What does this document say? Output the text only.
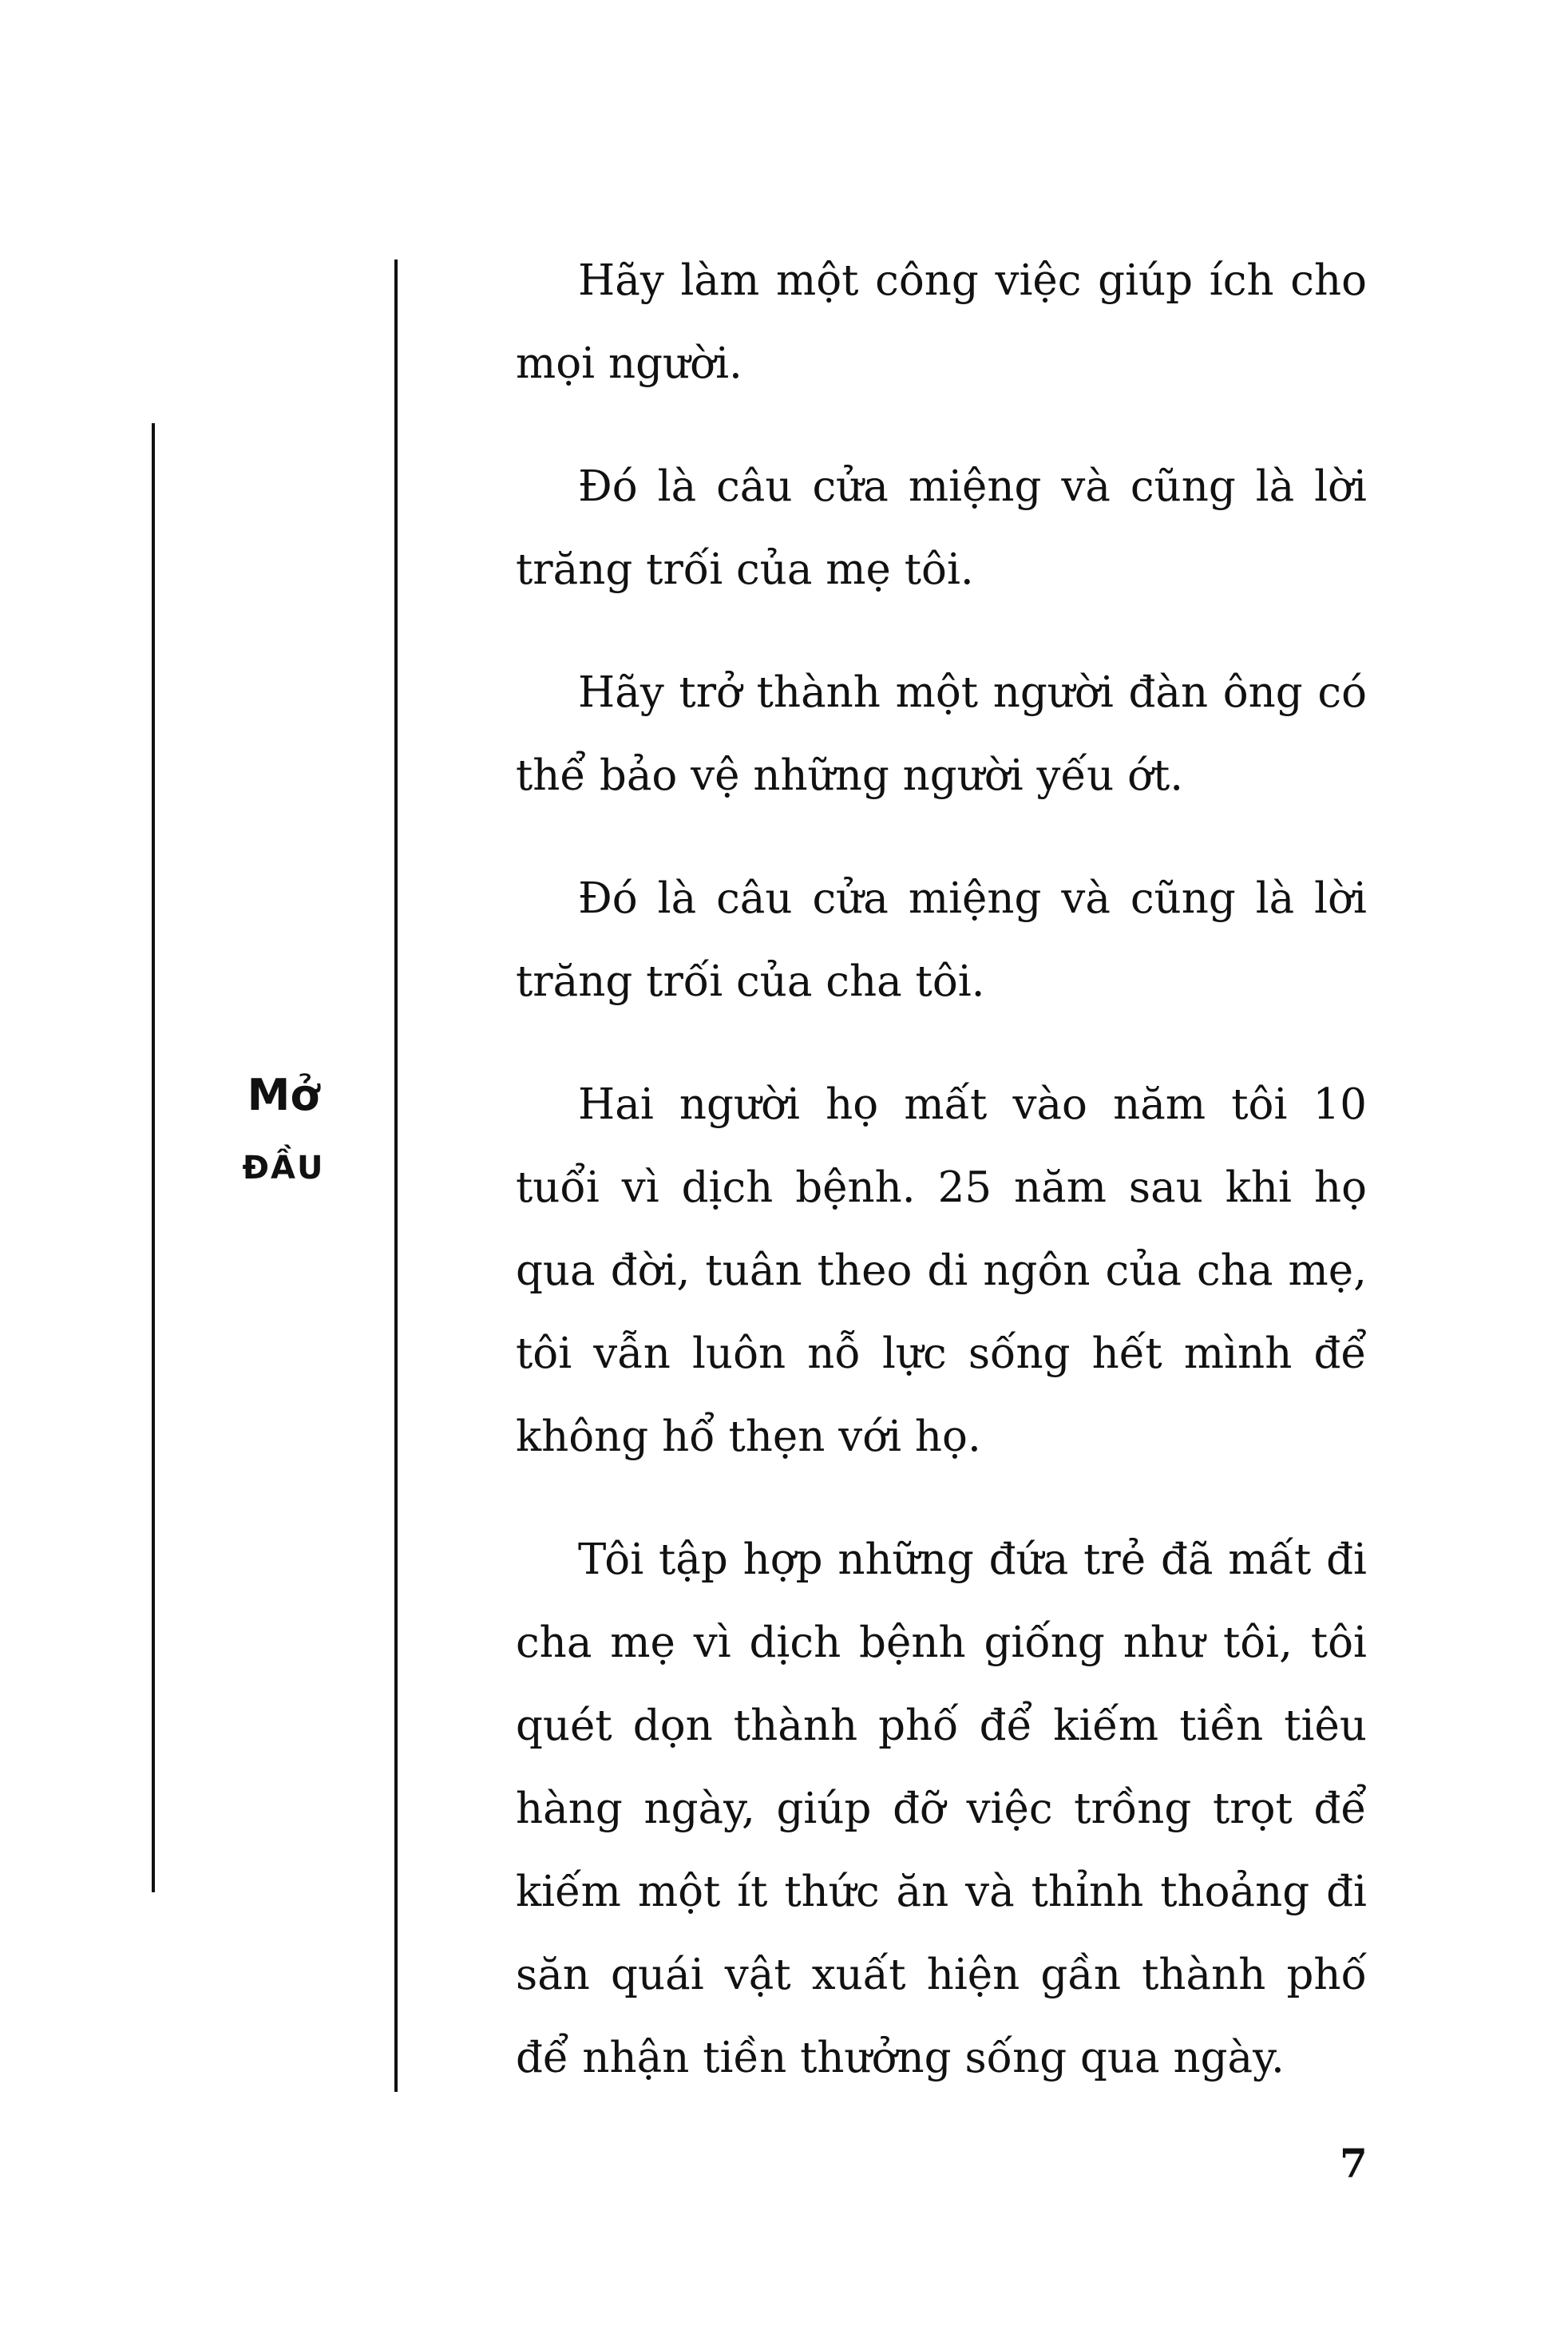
Mở
ĐẦU

Hãy làm một công việc giúp ích cho mọi người.

Đó là câu cửa miệng và cũng là lời trăng trối của mẹ tôi.

Hãy trở thành một người đàn ông có thể bảo vệ những người yếu ớt.

Đó là câu cửa miệng và cũng là lời trăng trối của cha tôi.

Hai người họ mất vào năm tôi 10 tuổi vì dịch bệnh. 25 năm sau khi họ qua đời, tuân theo di ngôn của cha mẹ, tôi vẫn luôn nỗ lực sống hết mình để không hổ thẹn với họ.

Tôi tập hợp những đứa trẻ đã mất đi cha mẹ vì dịch bệnh giống như tôi, tôi quét dọn thành phố để kiếm tiền tiêu hàng ngày, giúp đỡ việc trồng trọt để kiếm một ít thức ăn và thỉnh thoảng đi săn quái vật xuất hiện gần thành phố để nhận tiền thưởng sống qua ngày.

7
